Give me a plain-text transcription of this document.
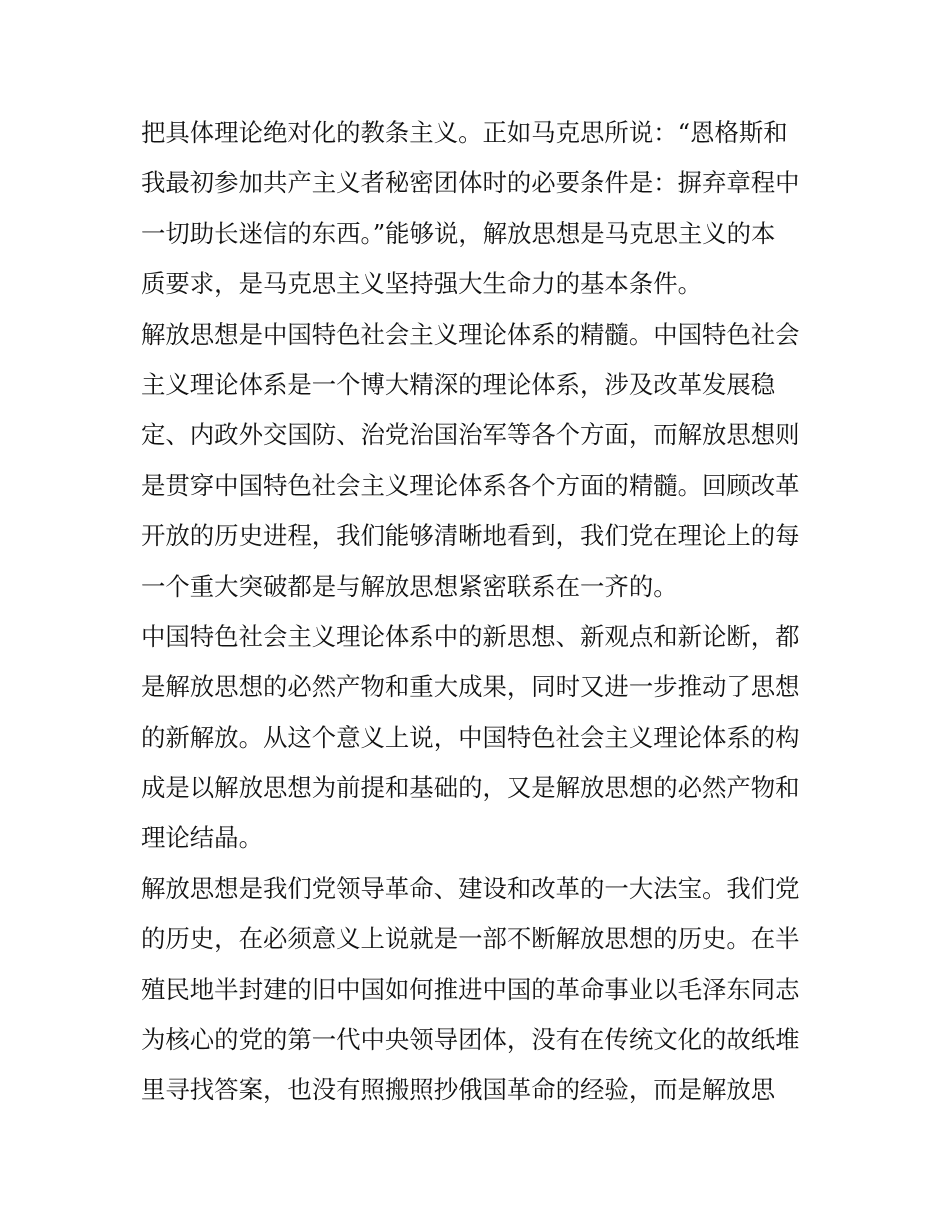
把具体理论绝对化的教条主义。正如马克思所说：“恩格斯和
我最初参加共产主义者秘密团体时的必要条件是：摒弃章程中
一切助长迷信的东西。”能够说，解放思想是马克思主义的本
质要求，是马克思主义坚持强大生命力的基本条件。
解放思想是中国特色社会主义理论体系的精髓。中国特色社会
主义理论体系是一个博大精深的理论体系，涉及改革发展稳
定、内政外交国防、治党治国治军等各个方面，而解放思想则
是贯穿中国特色社会主义理论体系各个方面的精髓。回顾改革
开放的历史进程，我们能够清晰地看到，我们党在理论上的每
一个重大突破都是与解放思想紧密联系在一齐的。
中国特色社会主义理论体系中的新思想、新观点和新论断，都
是解放思想的必然产物和重大成果，同时又进一步推动了思想
的新解放。从这个意义上说，中国特色社会主义理论体系的构
成是以解放思想为前提和基础的，又是解放思想的必然产物和
理论结晶。
解放思想是我们党领导革命、建设和改革的一大法宝。我们党
的历史，在必须意义上说就是一部不断解放思想的历史。在半
殖民地半封建的旧中国如何推进中国的革命事业以毛泽东同志
为核心的党的第一代中央领导团体，没有在传统文化的故纸堆
里寻找答案，也没有照搬照抄俄国革命的经验，而是解放思
